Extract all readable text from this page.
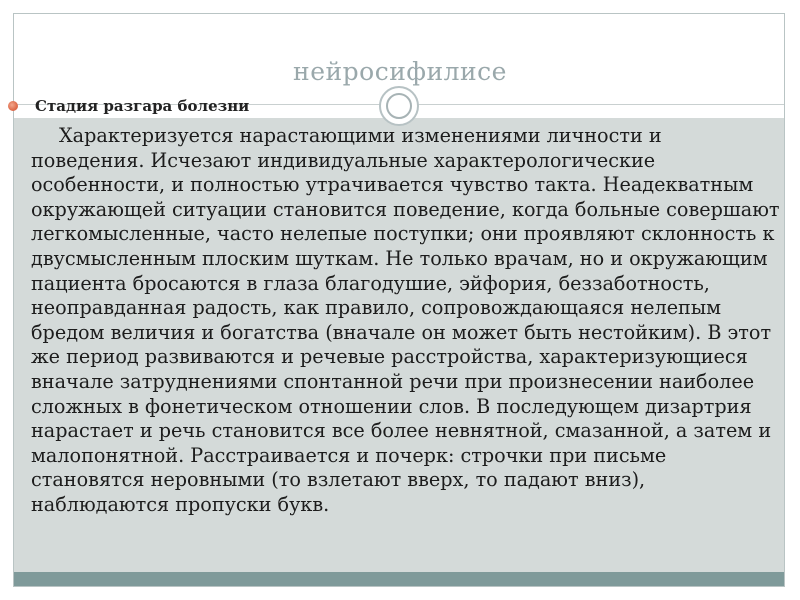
нейросифилисе

Стадия разгара болезни

Характеризуется нарастающими изменениями личности и поведения. Исчезают индивидуальные характерологические особенности, и полностью утрачивается чувство такта. Неадекватным окружающей ситуации становится поведение, когда больные совершают легкомысленные, часто нелепые поступки; они проявляют склонность к двусмысленным плоским шуткам. Не только врачам, но и окружающим пациента бросаются в глаза благодушие, эйфория, беззаботность, неоправданная радость, как правило, сопровождающаяся нелепым бредом величия и богатства (вначале он может быть нестойким). В этот же период развиваются и речевые расстройства, характеризующиеся вначале затруднениями спонтанной речи при произнесении наиболее сложных в фонетическом отношении слов. В последующем дизартрия нарастает и речь становится все более невнятной, смазанной, а затем и малопонятной. Расстраивается и почерк: строчки при письме становятся неровными (то взлетают вверх, то падают вниз), наблюдаются пропуски букв.
